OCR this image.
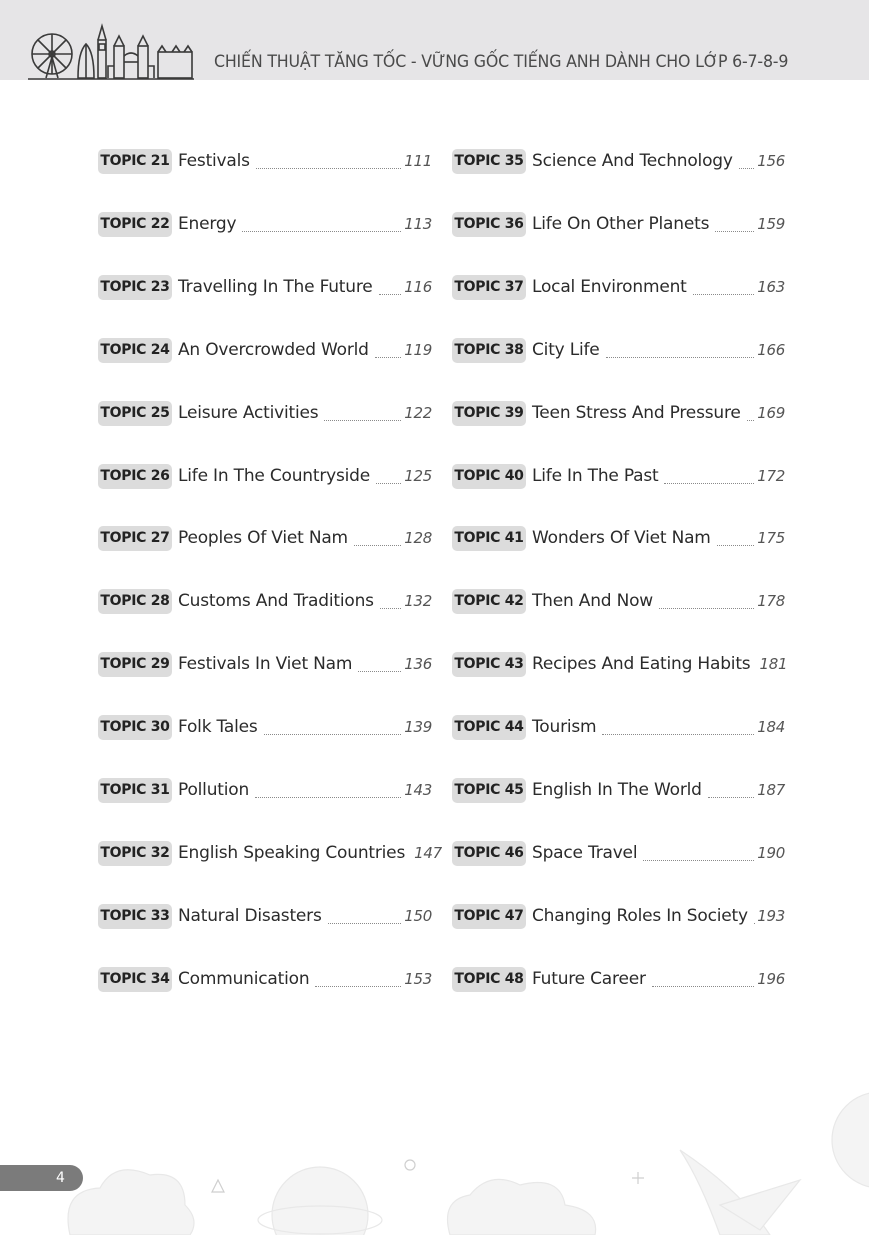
CHIẾN THUẬT TĂNG TỐC - VỮNG GỐC TIẾNG ANH DÀNH CHO LỚP 6-7-8-9
TOPIC 21 Festivals	111
TOPIC 22 Energy	113
TOPIC 23 Travelling In The Future 116
TOPIC 24 An Overcrowded World 119
TOPIC 25 Leisure Activities	122
TOPIC 26 Life In The Countryside 125
TOPIC 27 Peoples Of Viet Nam	128
TOPIC 28 Customs And Traditions 132
TOPIC 29 Festivals In Viet Nam	136
TOPIC 30 Folk Tales	139
TOPIC 31 Pollution	143
TOPIC 32 English Speaking Countries 147
TOPIC 33 Natural Disasters	150
TOPIC 34 Communication	153
TOPIC 35 Science And Technology 156
TOPIC 36 Life On Other Planets	159
TOPIC 37 Local Environment	163
TOPIC 38 City Life	166
TOPIC 39 Teen Stress And Pressure 169
TOPIC 40 Life In The Past	172
TOPIC 41 Wonders Of Viet Nam	175
TOPIC 42 Then And Now	178
TOPIC 43 Recipes And Eating Habits 181
TOPIC 44 Tourism	184
TOPIC 45 English In The World	187
TOPIC 46 Space Travel	190
TOPIC 47 Changing Roles In Society 193
TOPIC 48 Future Career	196
4
